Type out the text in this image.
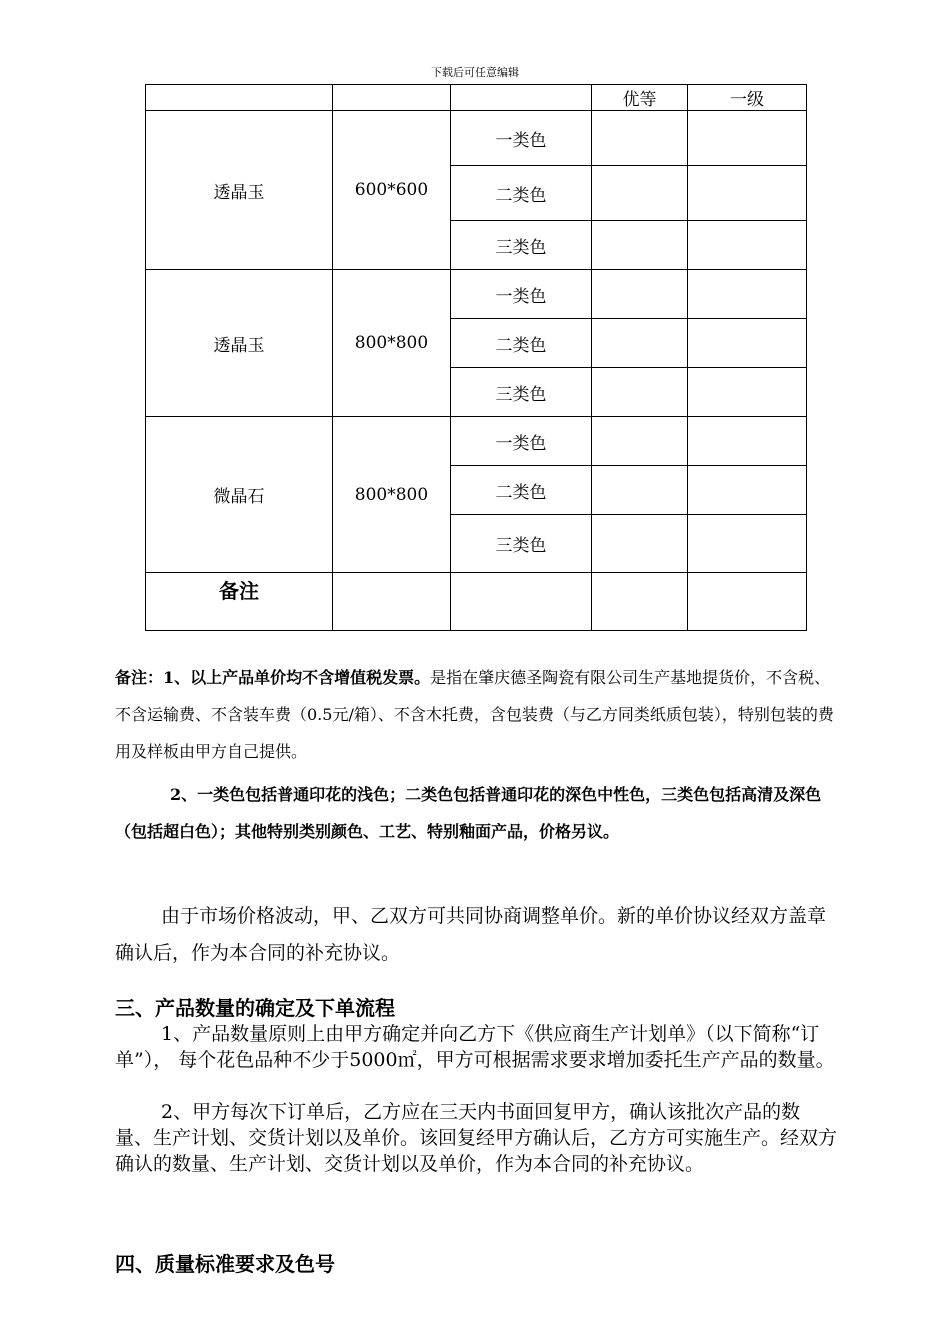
下载后可任意编辑
			优等	一级
透晶玉	600*600	一类色		
		二类色		
		三类色		
透晶玉	800*800	一类色		
		二类色		
		三类色		
微晶石	800*800	一类色		
		二类色		
		三类色		
备注				
备注：1、以上产品单价均不含增值税发票。是指在肇庆德圣陶瓷有限公司生产基地提货价，不含税、不含运输费、不含装车费（0.5元/箱）、不含木托费，含包装费（与乙方同类纸质包装），特别包装的费用及样板由甲方自己提供。
2、一类色包括普通印花的浅色；二类色包括普通印花的深色中性色，三类色包括高清及深色（包括超白色）；其他特别类别颜色、工艺、特别釉面产品，价格另议。
由于市场价格波动，甲、乙双方可共同协商调整单价。新的单价协议经双方盖章确认后，作为本合同的补充协议。
三、产品数量的确定及下单流程
1、产品数量原则上由甲方确定并向乙方下《供应商生产计划单》（以下简称“订单”）， 每个花色品种不少于5000㎡，甲方可根据需求要求增加委托生产产品的数量。
2、甲方每次下订单后，乙方应在三天内书面回复甲方，确认该批次产品的数量、生产计划、交货计划以及单价。该回复经甲方确认后，乙方方可实施生产。经双方确认的数量、生产计划、交货计划以及单价，作为本合同的补充协议。
四、质量标准要求及色号
